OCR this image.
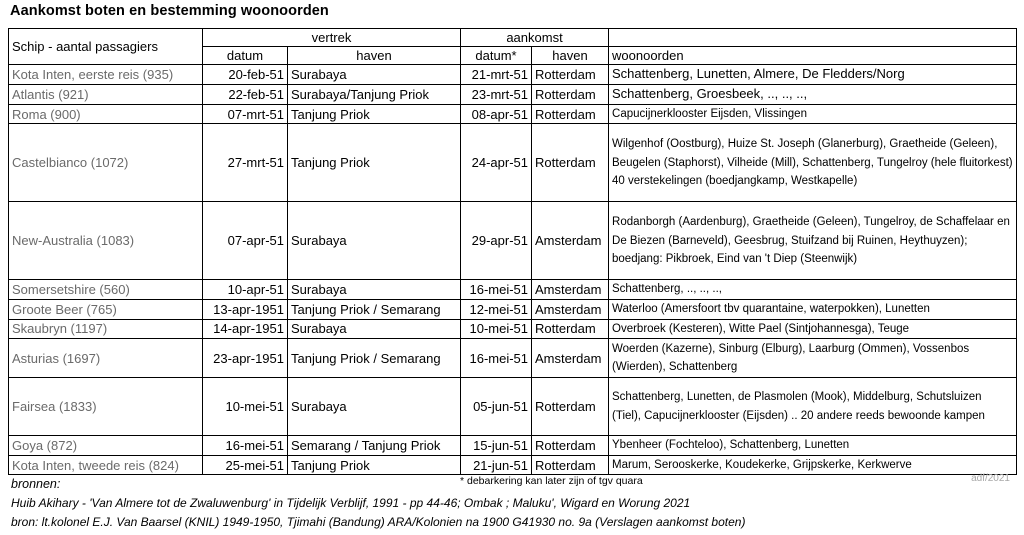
Aankomst boten en bestemming woonoorden
Schip - aantal passagiers	vertrek		aankomst		
	datum	haven	datum*	haven	woonoorden
Kota Inten, eerste reis (935)	20-feb-51	Surabaya	21-mrt-51	Rotterdam	Schattenberg, Lunetten, Almere, De Fledders/Norg
Atlantis (921)	22-feb-51	Surabaya/Tanjung Priok	23-mrt-51	Rotterdam	Schattenberg, Groesbeek, .., .., ..,
Roma (900)	07-mrt-51	Tanjung Priok	08-apr-51	Rotterdam	Capucijnerklooster Eijsden, Vlissingen
Castelbianco (1072)	27-mrt-51	Tanjung Priok	24-apr-51	Rotterdam	Wilgenhof (Oostburg), Huize St. Joseph (Glanerburg), Graetheide (Geleen), Beugelen (Staphorst), Vilheide (Mill), Schattenberg, Tungelroy (hele fluitorkest) 40 verstekelingen (boedjangkamp, Westkapelle)
New-Australia (1083)	07-apr-51	Surabaya	29-apr-51	Amsterdam	Rodanborgh (Aardenburg), Graetheide (Geleen), Tungelroy, de Schaffelaar en De Biezen (Barneveld), Geesbrug, Stuifzand bij Ruinen, Heythuyzen); boedjang: Pikbroek, Eind van 't Diep (Steenwijk)
Somersetshire (560)	10-apr-51	Surabaya	16-mei-51	Amsterdam	Schattenberg, .., .., ..,
Groote Beer (765)	13-apr-1951	Tanjung Priok / Semarang	12-mei-51	Amsterdam	Waterloo (Amersfoort tbv quarantaine, waterpokken), Lunetten
Skaubryn (1197)	14-apr-1951	Surabaya	10-mei-51	Rotterdam	Overbroek (Kesteren), Witte Pael (Sintjohannesga), Teuge
Asturias (1697)	23-apr-1951	Tanjung Priok / Semarang	16-mei-51	Amsterdam	Woerden (Kazerne), Sinburg (Elburg), Laarburg (Ommen), Vossenbos (Wierden), Schattenberg
Fairsea (1833)	10-mei-51	Surabaya	05-jun-51	Rotterdam	Schattenberg, Lunetten, de Plasmolen (Mook), Middelburg, Schutsluizen (Tiel), Capucijnerklooster (Eijsden) .. 20 andere reeds bewoonde kampen
Goya (872)	16-mei-51	Semarang / Tanjung Priok	15-jun-51	Rotterdam	Ybenheer (Fochteloo), Schattenberg, Lunetten
Kota Inten, tweede reis (824)	25-mei-51	Tanjung Priok	21-jun-51	Rotterdam	Marum, Serooskerke, Koudekerke, Grijpskerke, Kerkwerve
* debarkering kan later zijn of tgv quara	adf/2021
bronnen:
Huib Akihary - 'Van Almere tot de Zwaluwenburg' in Tijdelijk Verblijf, 1991 - pp 44-46; Ombak ; Maluku', Wigard en Worung 2021
bron: lt.kolonel E.J. Van Baarsel (KNIL) 1949-1950, Tjimahi (Bandung) ARA/Kolonien na 1900 G41930 no. 9a (Verslagen aankomst boten)
